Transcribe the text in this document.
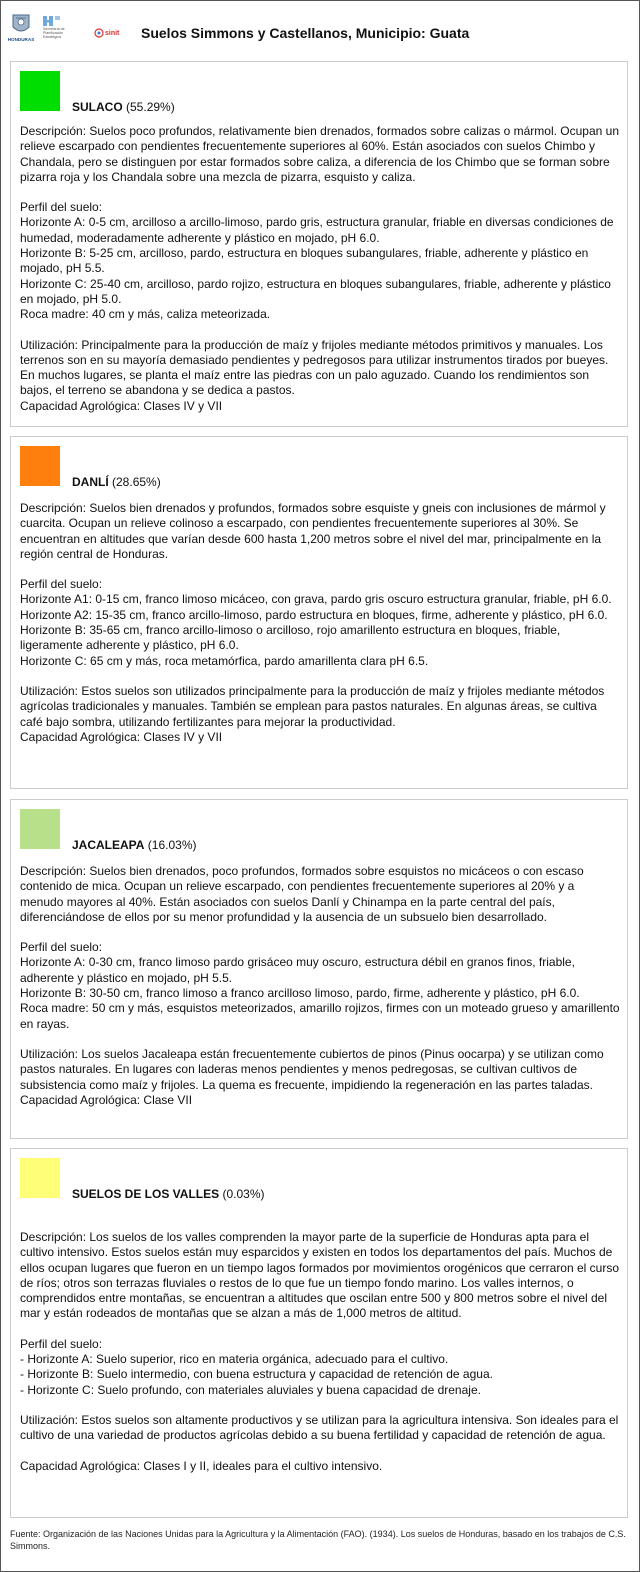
HONDURAS
Secretaría de
Planificación
Estratégica	sinit Suelos Simmons y Castellanos, Municipio: Guata
SULACO (55.29%)

Descripción: Suelos poco profundos, relativamente bien drenados, formados sobre calizas o mármol. Ocupan un relieve escarpado con pendientes frecuentemente superiores al 60%. Están asociados con suelos Chimbo y Chandala, pero se distinguen por estar formados sobre caliza, a diferencia de los Chimbo que se forman sobre pizarra roja y los Chandala sobre una mezcla de pizarra, esquisto y caliza.

Perfil del suelo:

Horizonte A: 0-5 cm, arcilloso a arcillo-limoso, pardo gris, estructura granular, friable en diversas condiciones de humedad, moderadamente adherente y plástico en mojado, pH 6.0.

Horizonte B: 5-25 cm, arcilloso, pardo, estructura en bloques subangulares, friable, adherente y plástico en mojado, pH 5.5.

Horizonte C: 25-40 cm, arcilloso, pardo rojizo, estructura en bloques subangulares, friable, adherente y plástico en mojado, pH 5.0.

Roca madre: 40 cm y más, caliza meteorizada.

Utilización: Principalmente para la producción de maíz y frijoles mediante métodos primitivos y manuales. Los terrenos son en su mayoría demasiado pendientes y pedregosos para utilizar instrumentos tirados por bueyes. En muchos lugares, se planta el maíz entre las piedras con un palo aguzado. Cuando los rendimientos son bajos, el terreno se abandona y se dedica a pastos.

Capacidad Agrológica: Clases IV y VII

DANLÍ (28.65%)

Descripción: Suelos bien drenados y profundos, formados sobre esquiste y gneis con inclusiones de mármol y cuarcita. Ocupan un relieve colinoso a escarpado, con pendientes frecuentemente superiores al 30%. Se encuentran en altitudes que varían desde 600 hasta 1,200 metros sobre el nivel del mar, principalmente en la región central de Honduras.

Perfil del suelo:

Horizonte A1: 0-15 cm, franco limoso micáceo, con grava, pardo gris oscuro estructura granular, friable, pH 6.0.

Horizonte A2: 15-35 cm, franco arcillo-limoso, pardo estructura en bloques, firme, adherente y plástico, pH 6.0.

Horizonte B: 35-65 cm, franco arcillo-limoso o arcilloso, rojo amarillento estructura en bloques, friable, ligeramente adherente y plástico, pH 6.0.

Horizonte C: 65 cm y más, roca metamórfica, pardo amarillenta clara pH 6.5.

Utilización: Estos suelos son utilizados principalmente para la producción de maíz y frijoles mediante métodos agrícolas tradicionales y manuales. También se emplean para pastos naturales. En algunas áreas, se cultiva café bajo sombra, utilizando fertilizantes para mejorar la productividad.

Capacidad Agrológica: Clases IV y VII

JACALEAPA (16.03%)

Descripción: Suelos bien drenados, poco profundos, formados sobre esquistos no micáceos o con escaso contenido de mica. Ocupan un relieve escarpado, con pendientes frecuentemente superiores al 20% y a menudo mayores al 40%. Están asociados con suelos Danlí y Chinampa en la parte central del país, diferenciándose de ellos por su menor profundidad y la ausencia de un subsuelo bien desarrollado.

Perfil del suelo:

Horizonte A: 0-30 cm, franco limoso pardo grisáceo muy oscuro, estructura débil en granos finos, friable, adherente y plástico en mojado, pH 5.5.

Horizonte B: 30-50 cm, franco limoso a franco arcilloso limoso, pardo, firme, adherente y plástico, pH 6.0.

Roca madre: 50 cm y más, esquistos meteorizados, amarillo rojizos, firmes con un moteado grueso y amarillento en rayas.

Utilización: Los suelos Jacaleapa están frecuentemente cubiertos de pinos (Pinus oocarpa) y se utilizan como pastos naturales. En lugares con laderas menos pendientes y menos pedregosas, se cultivan cultivos de subsistencia como maíz y frijoles. La quema es frecuente, impidiendo la regeneración en las partes taladas.

Capacidad Agrológica: Clase VII

SUELOS DE LOS VALLES (0.03%)

Descripción: Los suelos de los valles comprenden la mayor parte de la superficie de Honduras apta para el cultivo intensivo. Estos suelos están muy esparcidos y existen en todos los departamentos del país. Muchos de ellos ocupan lugares que fueron en un tiempo lagos formados por movimientos orogénicos que cerraron el curso de ríos; otros son terrazas fluviales o restos de lo que fue un tiempo fondo marino. Los valles internos, o comprendidos entre montañas, se encuentran a altitudes que oscilan entre 500 y 800 metros sobre el nivel del mar y están rodeados de montañas que se alzan a más de 1,000 metros de altitud.

Perfil del suelo:

- Horizonte A: Suelo superior, rico en materia orgánica, adecuado para el cultivo.

- Horizonte B: Suelo intermedio, con buena estructura y capacidad de retención de agua.

- Horizonte C: Suelo profundo, con materiales aluviales y buena capacidad de drenaje.

Utilización: Estos suelos son altamente productivos y se utilizan para la agricultura intensiva. Son ideales para el cultivo de una variedad de productos agrícolas debido a su buena fertilidad y capacidad de retención de agua.

Capacidad Agrológica: Clases I y II, ideales para el cultivo intensivo.

Fuente: Organización de las Naciones Unidas para la Agricultura y la Alimentación (FAO). (1934). Los suelos de Honduras, basado en los trabajos de C.S. Simmons.
